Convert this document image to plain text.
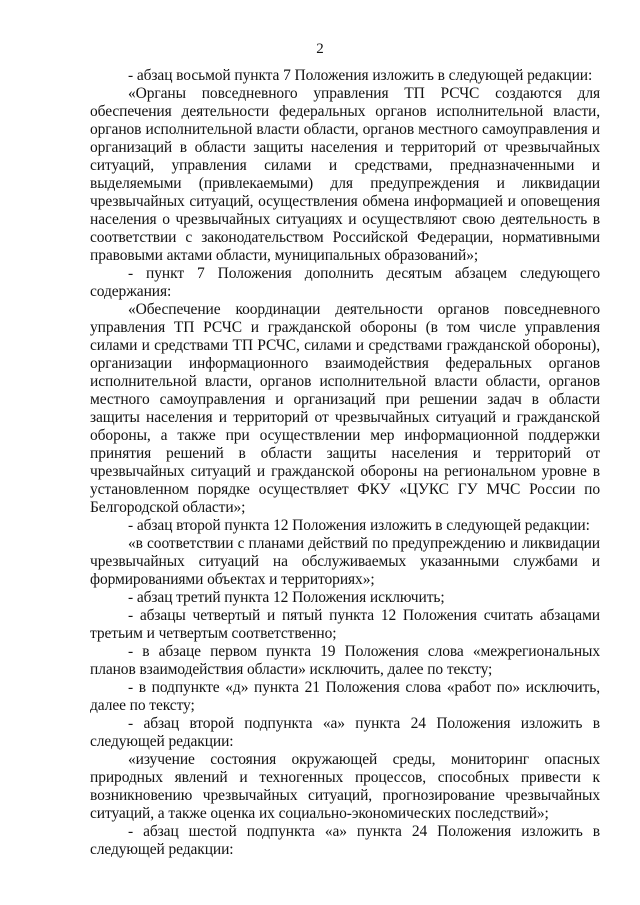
2
- абзац восьмой пункта 7 Положения изложить в следующей редакции:
«Органы повседневного управления ТП РСЧС создаются для
обеспечения деятельности федеральных органов исполнительной власти,
органов исполнительной власти области, органов местного самоуправления и
организаций в области защиты населения и территорий от чрезвычайных
ситуаций, управления силами и средствами, предназначенными и
выделяемыми (привлекаемыми) для предупреждения и ликвидации
чрезвычайных ситуаций, осуществления обмена информацией и оповещения
населения о чрезвычайных ситуациях и осуществляют свою деятельность в
соответствии с законодательством Российской Федерации, нормативными
правовыми актами области, муниципальных образований»;
- пункт 7 Положения дополнить десятым абзацем следующего
содержания:
«Обеспечение координации деятельности органов повседневного
управления ТП РСЧС и гражданской обороны (в том числе управления
силами и средствами ТП РСЧС, силами и средствами гражданской обороны),
организации информационного взаимодействия федеральных органов
исполнительной власти, органов исполнительной власти области, органов
местного самоуправления и организаций при решении задач в области
защиты населения и территорий от чрезвычайных ситуаций и гражданской
обороны, а также при осуществлении мер информационной поддержки
принятия решений в области защиты населения и территорий от
чрезвычайных ситуаций и гражданской обороны на региональном уровне в
установленном порядке осуществляет ФКУ «ЦУКС ГУ МЧС России по
Белгородской области»;
- абзац второй пункта 12 Положения изложить в следующей редакции:
«в соответствии с планами действий по предупреждению и ликвидации
чрезвычайных ситуаций на обслуживаемых указанными службами и
формированиями объектах и территориях»;
- абзац третий пункта 12 Положения исключить;
- абзацы четвертый и пятый пункта 12 Положения считать абзацами
третьим и четвертым соответственно;
- в абзаце первом пункта 19 Положения слова «межрегиональных
планов взаимодействия области» исключить, далее по тексту;
- в подпункте «д» пункта 21 Положения слова «работ по» исключить,
далее по тексту;
- абзац второй подпункта «а» пункта 24 Положения изложить в
следующей редакции:
«изучение состояния окружающей среды, мониторинг опасных
природных явлений и техногенных процессов, способных привести к
возникновению чрезвычайных ситуаций, прогнозирование чрезвычайных
ситуаций, а также оценка их социально-экономических последствий»;
- абзац шестой подпункта «а» пункта 24 Положения изложить в
следующей редакции:
